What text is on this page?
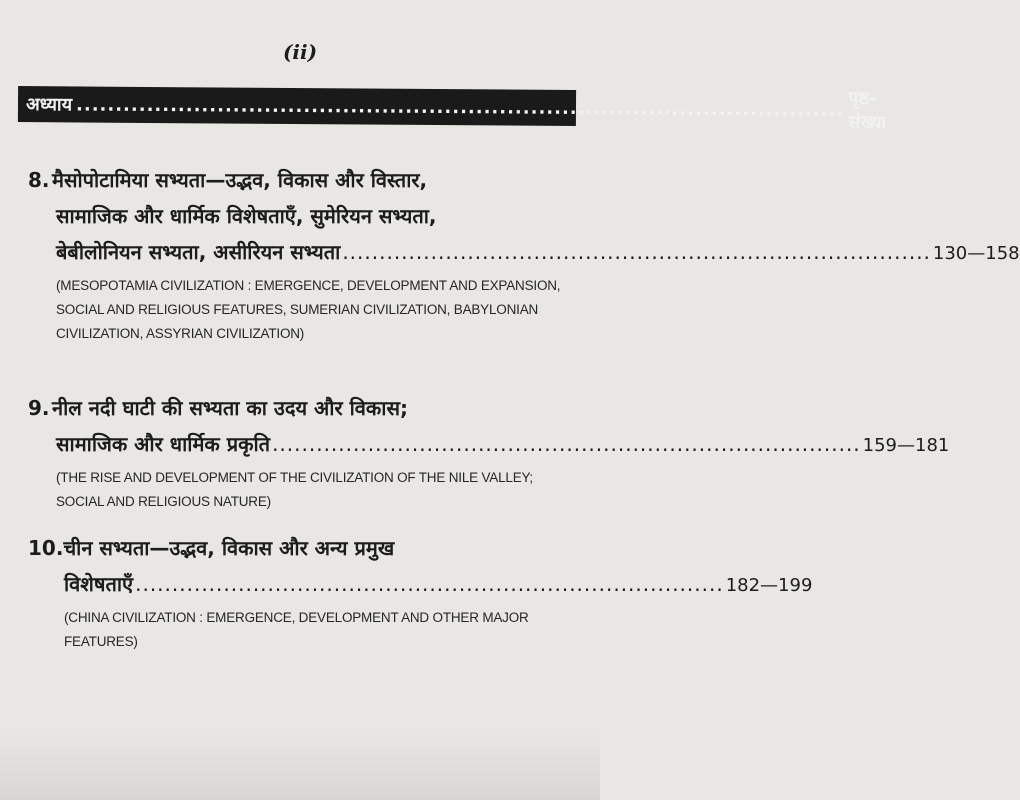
(ii)
अध्याय .................................................................................................. पृष्ठ-संख्या
8. मैसोपोटामिया सभ्यता—उद्भव, विकास और विस्तार,
सामाजिक और धार्मिक विशेषताएँ, सुमेरियन सभ्यता,
बेबीलोनियन सभ्यता, असीरियन सभ्यता ................................................................................ 130—158
(MESOPOTAMIA CIVILIZATION : EMERGENCE, DEVELOPMENT AND EXPANSION, SOCIAL AND RELIGIOUS FEATURES, SUMERIAN CIVILIZATION, BABYLONIAN CIVILIZATION, ASSYRIAN CIVILIZATION)
9. नील नदी घाटी की सभ्यता का उदय और विकास;
सामाजिक और धार्मिक प्रकृति ................................................................................ 159—181
(THE RISE AND DEVELOPMENT OF THE CIVILIZATION OF THE NILE VALLEY; SOCIAL AND RELIGIOUS NATURE)
10. चीन सभ्यता—उद्भव, विकास और अन्य प्रमुख
विशेषताएँ ................................................................................ 182—199
(CHINA CIVILIZATION : EMERGENCE, DEVELOPMENT AND OTHER MAJOR FEATURES)
